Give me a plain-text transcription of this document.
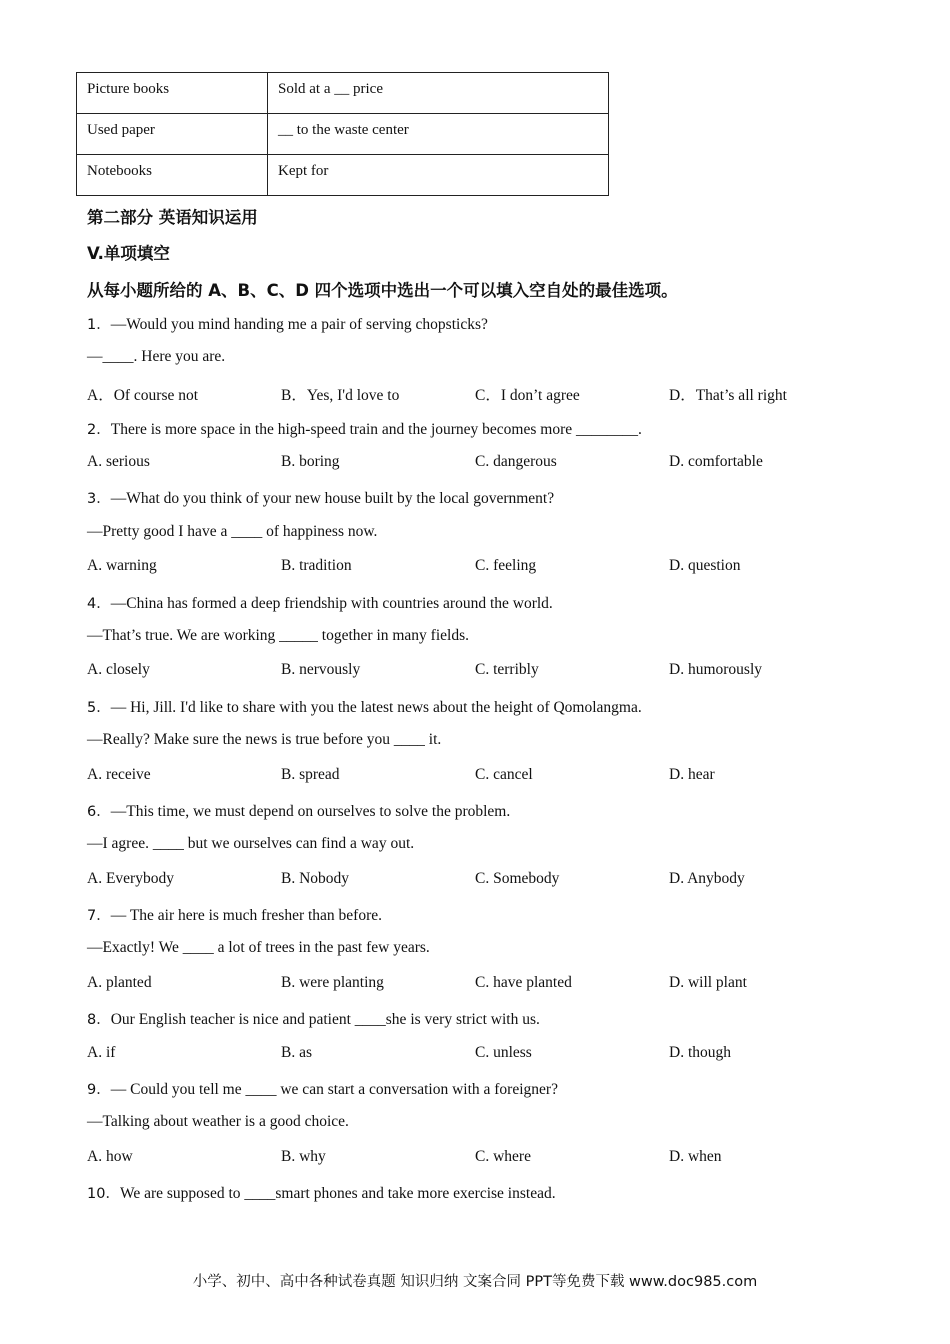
Picture books	Sold at a __ price
Used paper	__ to the waste center
Notebooks	Kept for
第二部分 英语知识运用
V.单项填空
从每小题所给的 A、B、C、D 四个选项中选出一个可以填入空自处的最佳选项。
1．—Would you mind handing me a pair of serving chopsticks?
—____. Here you are.
A．Of course not	B．Yes, I'd love to	C．I don’t agree	D．That’s all right
2．There is more space in the high-speed train and the journey becomes more ________.
A. serious	B. boring	C. dangerous	D. comfortable
3．—What do you think of your new house built by the local government?
—Pretty good I have a ____ of happiness now.
A. warning	B. tradition	C. feeling	D. question
4．—China has formed a deep friendship with countries around the world.
—That’s true. We are working _____ together in many fields.
A. closely	B. nervously	C. terribly	D. humorously
5．— Hi, Jill. I'd like to share with you the latest news about the height of Qomolangma.
—Really? Make sure the news is true before you ____ it.
A. receive	B. spread	C. cancel	D. hear
6．—This time, we must depend on ourselves to solve the problem.
—I agree. ____ but we ourselves can find a way out.
A. Everybody	B. Nobody	C. Somebody	D. Anybody
7．— The air here is much fresher than before.
—Exactly! We ____ a lot of trees in the past few years.
A. planted	B. were planting	C. have planted	D. will plant
8．Our English teacher is nice and patient ____she is very strict with us.
A. if	B. as	C. unless	D. though
9．— Could you tell me ____ we can start a conversation with a foreigner?
—Talking about weather is a good choice.
A. how	B. why	C. where	D. when
10．We are supposed to ____smart phones and take more exercise instead.
小学、初中、高中各种试卷真题 知识归纳 文案合同 PPT等免费下载 www.doc985.com
